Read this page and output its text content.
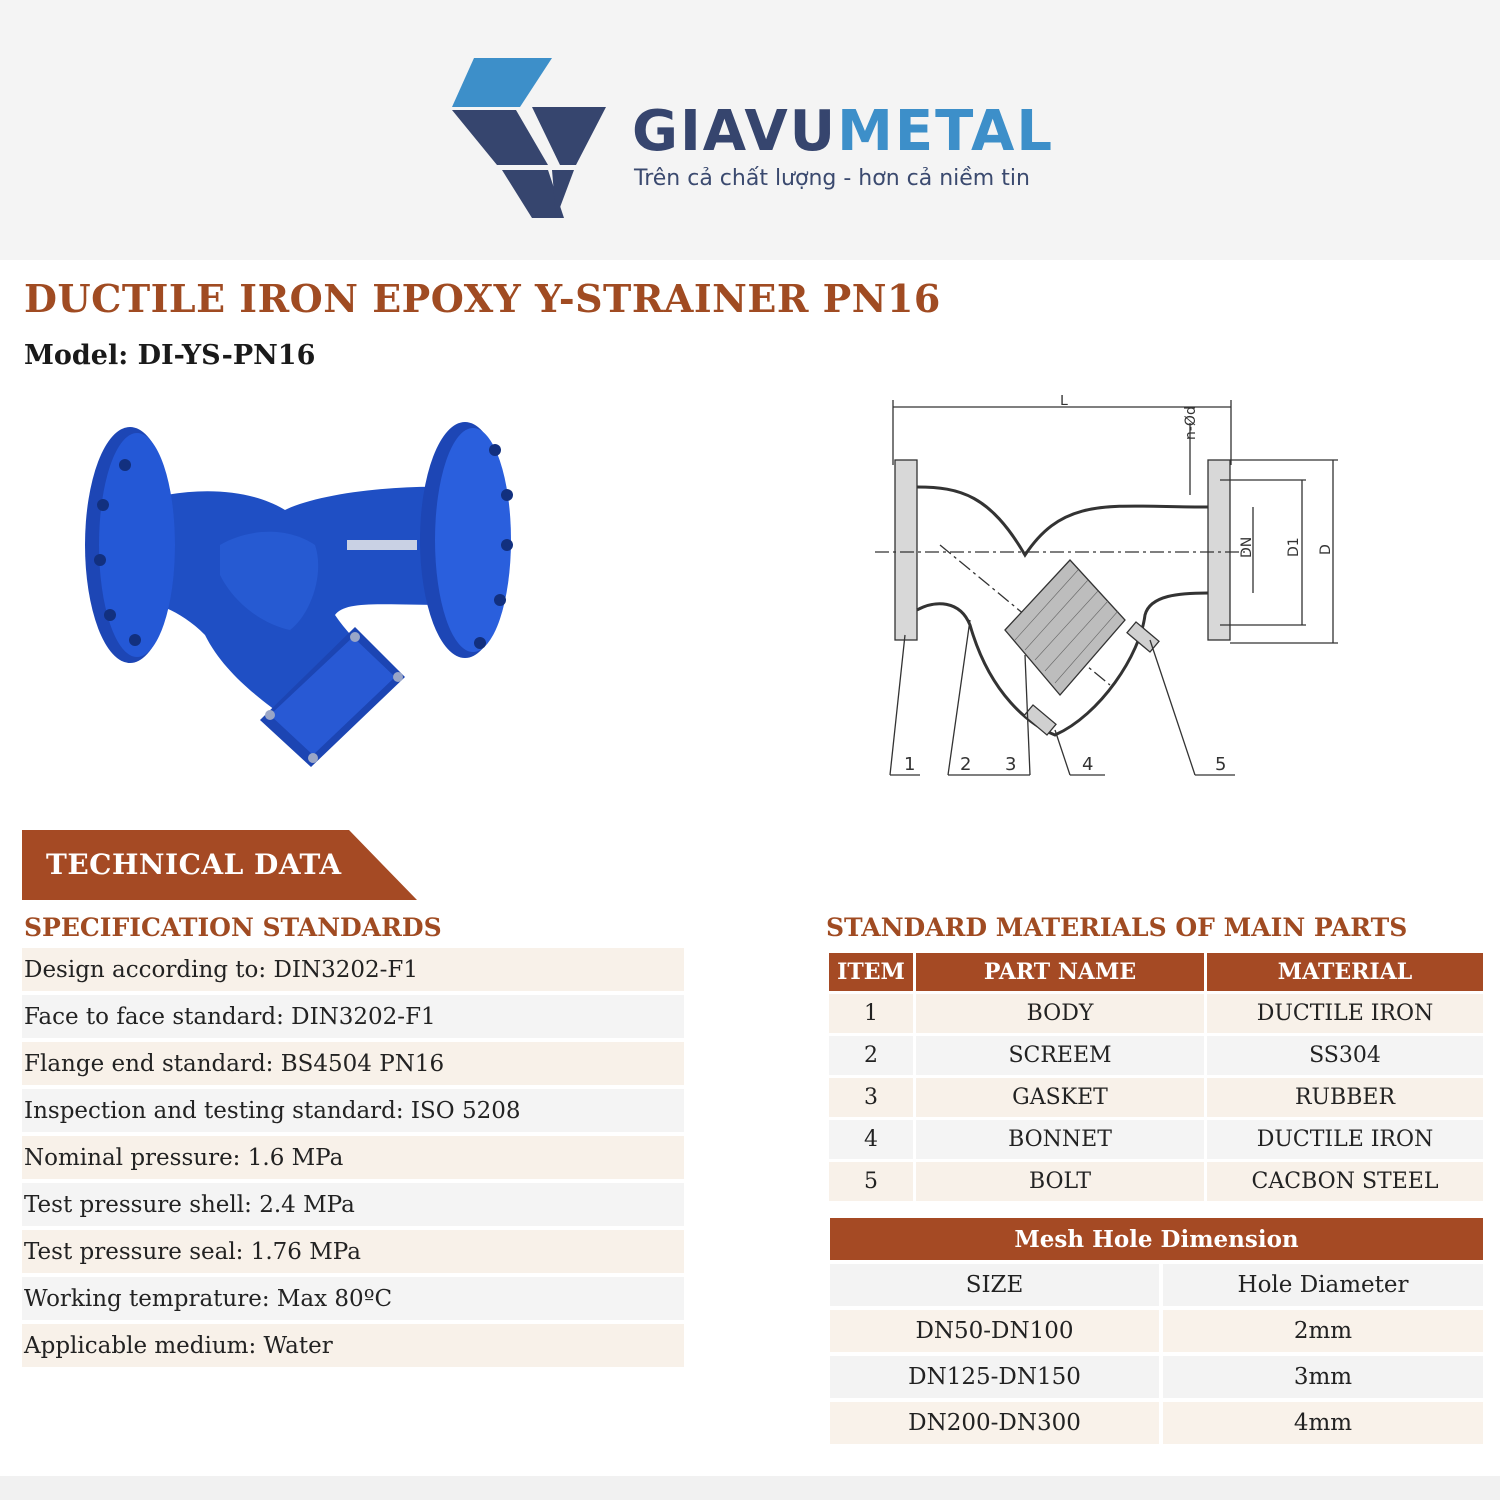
GIAVUMETAL
Trên cả chất lượng - hơn cả niềm tin
DUCTILE IRON EPOXY Y-STRAINER PN16
Model: DI-YS-PN16
L
n-Ød
DN D1 D
1 2 3	4	5
TECHNICAL DATA
SPECIFICATION STANDARDS	STANDARD MATERIALS OF MAIN PARTS
Design according to: DIN3202-F1
Face to face standard: DIN3202-F1
Flange end standard: BS4504 PN16
Inspection and testing standard: ISO 5208
Nominal pressure: 1.6 MPa
Test pressure shell: 2.4 MPa
Test pressure seal: 1.76 MPa
Working temprature: Max 80ºC
Applicable medium: Water
ITEM	PART NAME	MATERIAL
1	BODY	DUCTILE IRON
2	SCREEM	SS304
3	GASKET	RUBBER
4	BONNET	DUCTILE IRON
5	BOLT	CACBON STEEL
Mesh Hole Dimension	
SIZE	Hole Diameter
DN50-DN100	2mm
DN125-DN150	3mm
DN200-DN300	4mm
